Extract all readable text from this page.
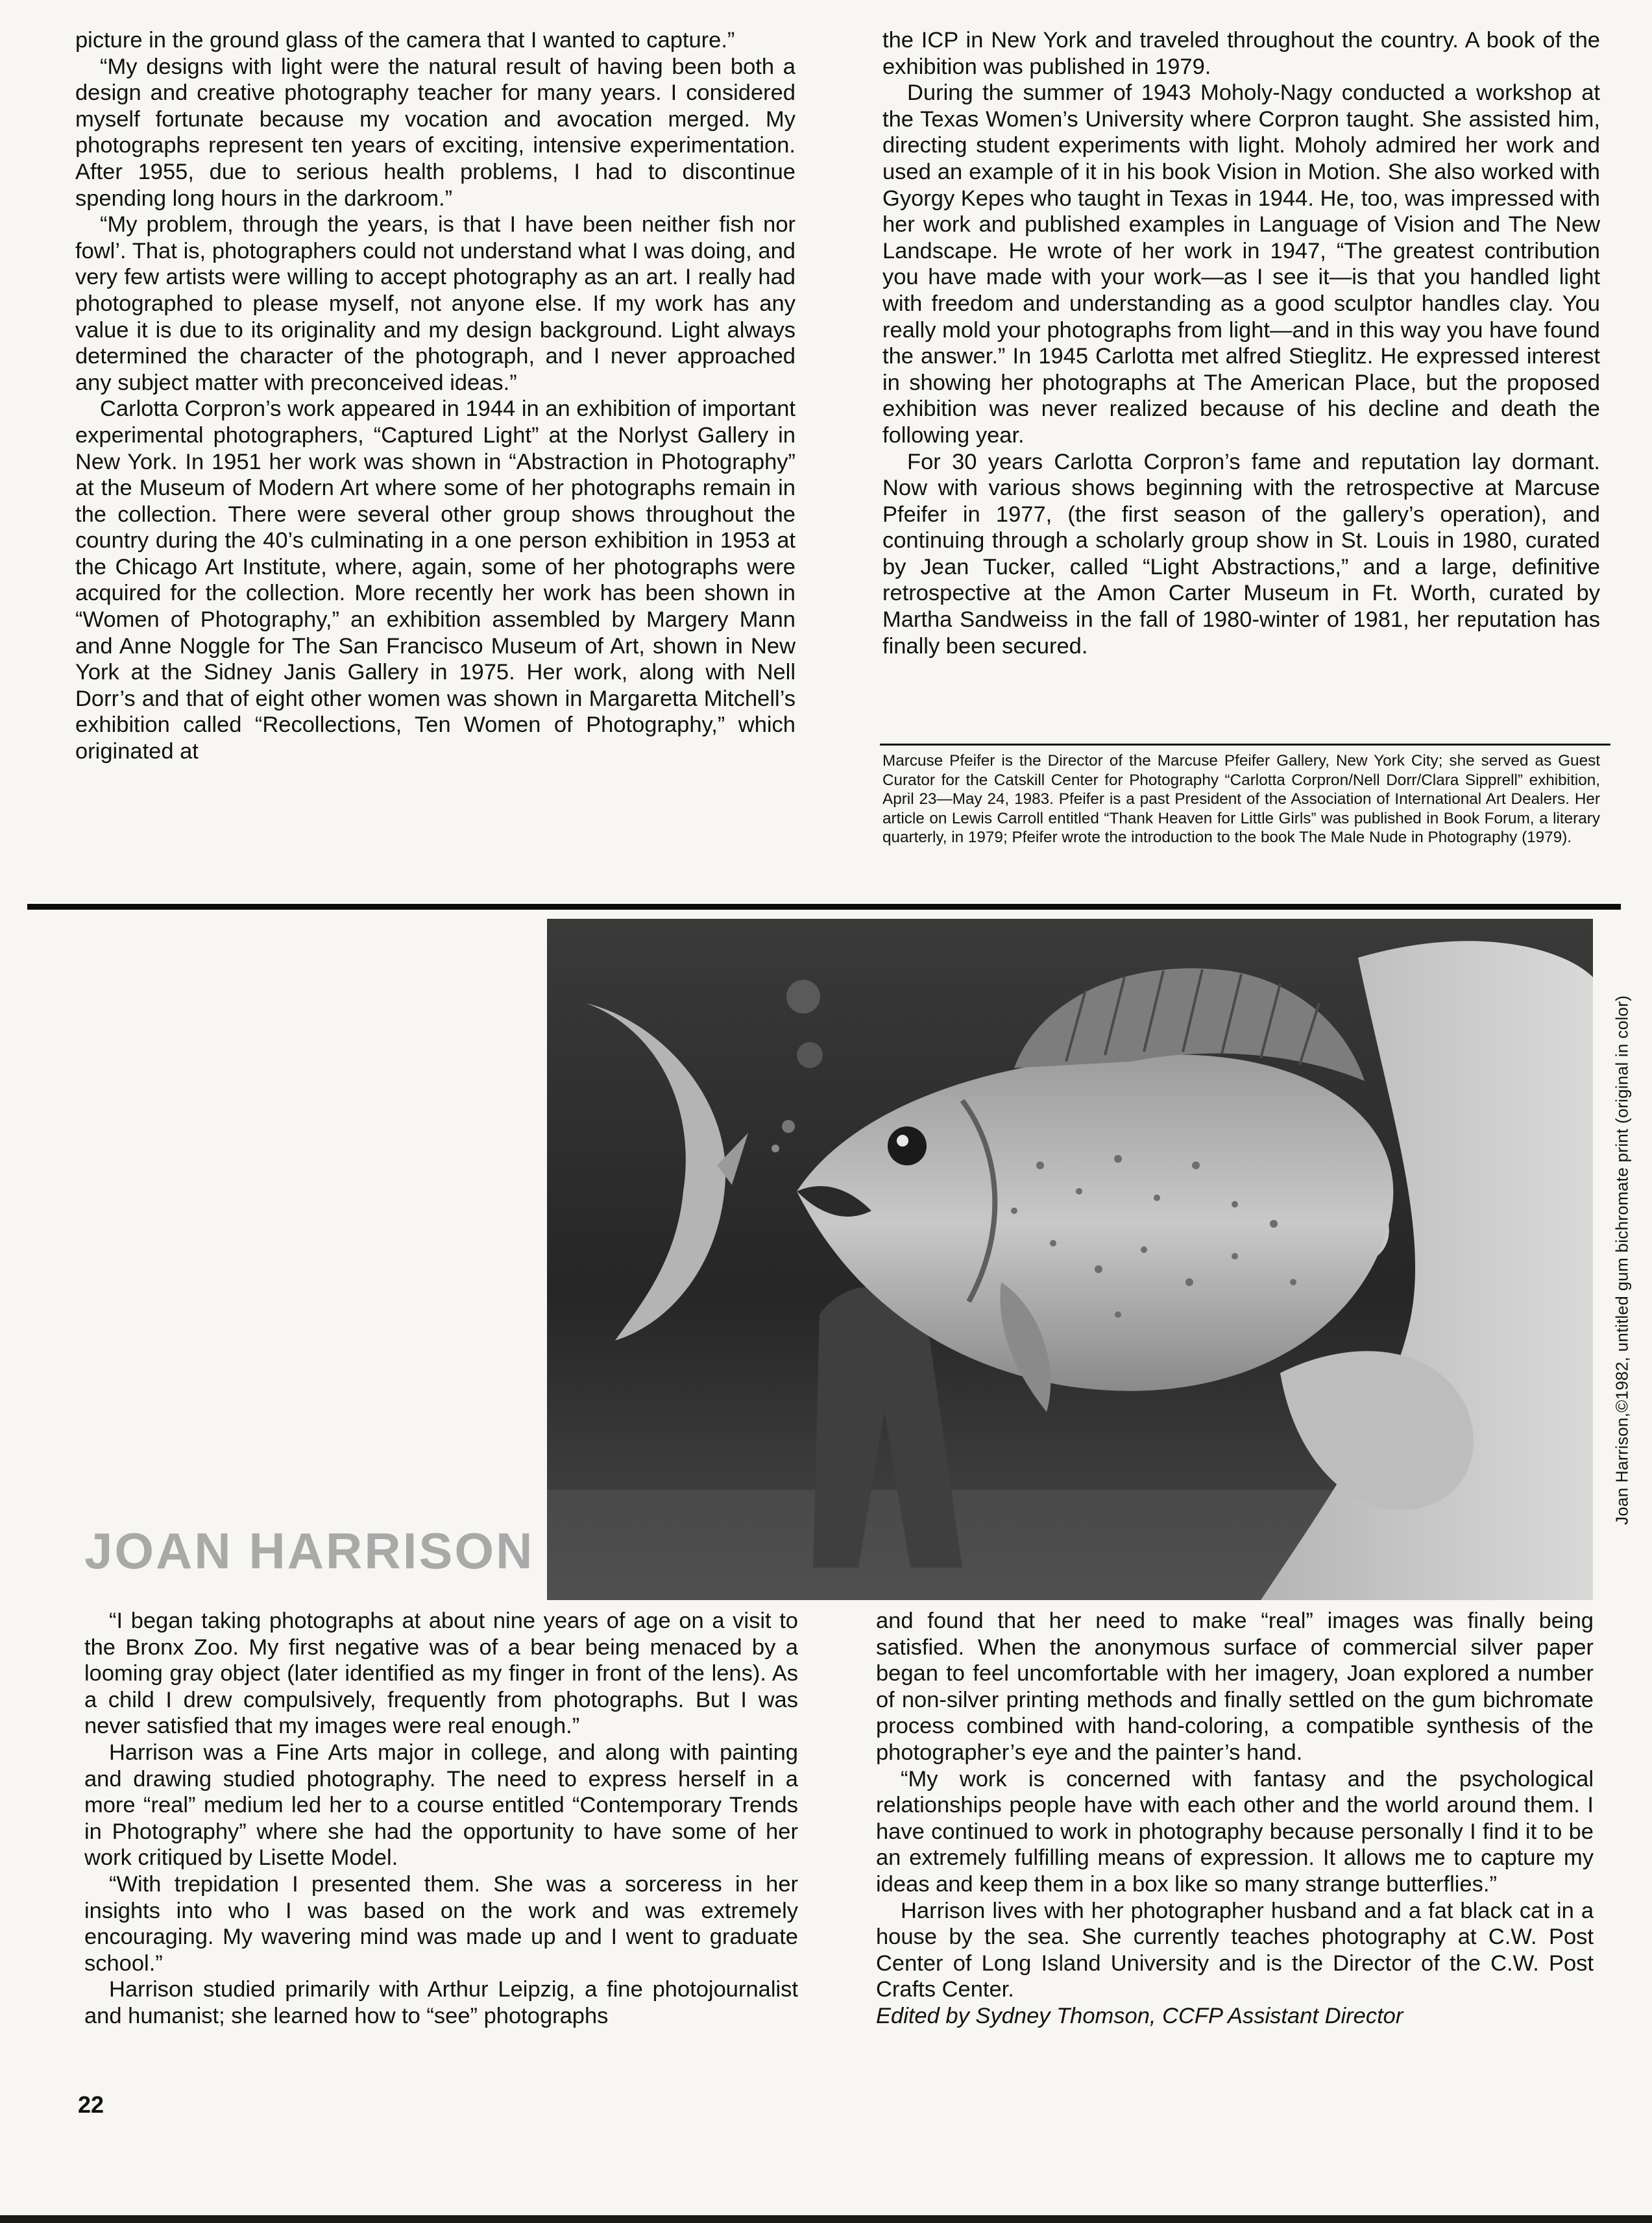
picture in the ground glass of the camera that I wanted to capture.”

“My designs with light were the natural result of having been both a design and creative photography teacher for many years. I considered myself fortunate because my vocation and avocation merged. My photographs represent ten years of exciting, intensive experimentation. After 1955, due to serious health problems, I had to discontinue spending long hours in the darkroom.”

“My problem, through the years, is that I have been neither fish nor fowl’. That is, photographers could not understand what I was doing, and very few artists were willing to accept photography as an art. I really had photographed to please myself, not anyone else. If my work has any value it is due to its originality and my design background. Light always determined the character of the photograph, and I never approached any subject matter with preconceived ideas.”

Carlotta Corpron’s work appeared in 1944 in an exhibition of important experimental photographers, “Captured Light” at the Norlyst Gallery in New York. In 1951 her work was shown in “Abstraction in Photography” at the Museum of Modern Art where some of her photographs remain in the collection. There were several other group shows throughout the country during the 40’s culminating in a one person exhibition in 1953 at the Chicago Art Institute, where, again, some of her photographs were acquired for the collection. More recently her work has been shown in “Women of Photography,” an exhibition assembled by Margery Mann and Anne Noggle for The San Francisco Museum of Art, shown in New York at the Sidney Janis Gallery in 1975. Her work, along with Nell Dorr’s and that of eight other women was shown in Margaretta Mitchell’s exhibition called “Recollections, Ten Women of Photography,” which originated at

the ICP in New York and traveled throughout the country. A book of the exhibition was published in 1979.

During the summer of 1943 Moholy-Nagy conducted a workshop at the Texas Women’s University where Corpron taught. She assisted him, directing student experiments with light. Moholy admired her work and used an example of it in his book Vision in Motion. She also worked with Gyorgy Kepes who taught in Texas in 1944. He, too, was impressed with her work and published examples in Language of Vision and The New Landscape. He wrote of her work in 1947, “The greatest contribution you have made with your work—as I see it—is that you handled light with freedom and understanding as a good sculptor handles clay. You really mold your photographs from light—and in this way you have found the answer.” In 1945 Carlotta met alfred Stieglitz. He expressed interest in showing her photographs at The American Place, but the proposed exhibition was never realized because of his decline and death the following year.

For 30 years Carlotta Corpron’s fame and reputation lay dormant. Now with various shows beginning with the retrospective at Marcuse Pfeifer in 1977, (the first season of the gallery’s operation), and continuing through a scholarly group show in St. Louis in 1980, curated by Jean Tucker, called “Light Abstractions,” and a large, definitive retrospective at the Amon Carter Museum in Ft. Worth, curated by Martha Sandweiss in the fall of 1980-winter of 1981, her reputation has finally been secured.

Marcuse Pfeifer is the Director of the Marcuse Pfeifer Gallery, New York City; she served as Guest Curator for the Catskill Center for Photography “Carlotta Corpron/Nell Dorr/Clara Sipprell” exhibition, April 23—May 24, 1983. Pfeifer is a past President of the Association of International Art Dealers. Her article on Lewis Carroll entitled “Thank Heaven for Little Girls” was published in Book Forum, a literary quarterly, in 1979; Pfeifer wrote the introduction to the book The Male Nude in Photography (1979).

Joan Harrison,©1982, untitled gum bichromate print (original in color)
JOAN HARRISON

“I began taking photographs at about nine years of age on a visit to the Bronx Zoo. My first negative was of a bear being menaced by a looming gray object (later identified as my finger in front of the lens). As a child I drew compulsively, frequently from photographs. But I was never satisfied that my images were real enough.”

Harrison was a Fine Arts major in college, and along with painting and drawing studied photography. The need to express herself in a more “real” medium led her to a course entitled “Contemporary Trends in Photography” where she had the opportunity to have some of her work critiqued by Lisette Model.

“With trepidation I presented them. She was a sorceress in her insights into who I was based on the work and was extremely encouraging. My wavering mind was made up and I went to graduate school.”

Harrison studied primarily with Arthur Leipzig, a fine photojournalist and humanist; she learned how to “see” photographs

and found that her need to make “real” images was finally being satisfied. When the anonymous surface of commercial silver paper began to feel uncomfortable with her imagery, Joan explored a number of non-silver printing methods and finally settled on the gum bichromate process combined with hand-coloring, a compatible synthesis of the photographer’s eye and the painter’s hand.

“My work is concerned with fantasy and the psychological relationships people have with each other and the world around them. I have continued to work in photography because personally I find it to be an extremely fulfilling means of expression. It allows me to capture my ideas and keep them in a box like so many strange butterflies.”

Harrison lives with her photographer husband and a fat black cat in a house by the sea. She currently teaches photography at C.W. Post Center of Long Island University and is the Director of the C.W. Post Crafts Center.

Edited by Sydney Thomson, CCFP Assistant Director

22
